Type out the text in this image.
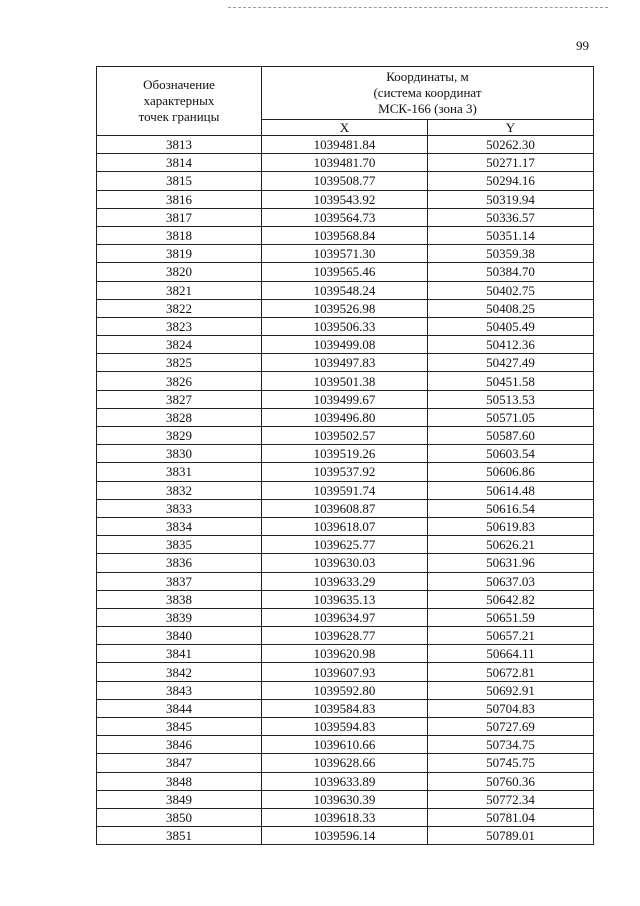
99
Обозначение
характерных
точек границы	Координаты, м
(система координат
МСК-166 (зона 3)	

	X	Y
3813	1039481.84	50262.30
3814	1039481.70	50271.17
3815	1039508.77	50294.16
3816	1039543.92	50319.94
3817	1039564.73	50336.57
3818	1039568.84	50351.14
3819	1039571.30	50359.38
3820	1039565.46	50384.70
3821	1039548.24	50402.75
3822	1039526.98	50408.25
3823	1039506.33	50405.49
3824	1039499.08	50412.36
3825	1039497.83	50427.49
3826	1039501.38	50451.58
3827	1039499.67	50513.53
3828	1039496.80	50571.05
3829	1039502.57	50587.60
3830	1039519.26	50603.54
3831	1039537.92	50606.86
3832	1039591.74	50614.48
3833	1039608.87	50616.54
3834	1039618.07	50619.83
3835	1039625.77	50626.21
3836	1039630.03	50631.96
3837	1039633.29	50637.03
3838	1039635.13	50642.82
3839	1039634.97	50651.59
3840	1039628.77	50657.21
3841	1039620.98	50664.11
3842	1039607.93	50672.81
3843	1039592.80	50692.91
3844	1039584.83	50704.83
3845	1039594.83	50727.69
3846	1039610.66	50734.75
3847	1039628.66	50745.75
3848	1039633.89	50760.36
3849	1039630.39	50772.34
3850	1039618.33	50781.04
3851	1039596.14	50789.01
